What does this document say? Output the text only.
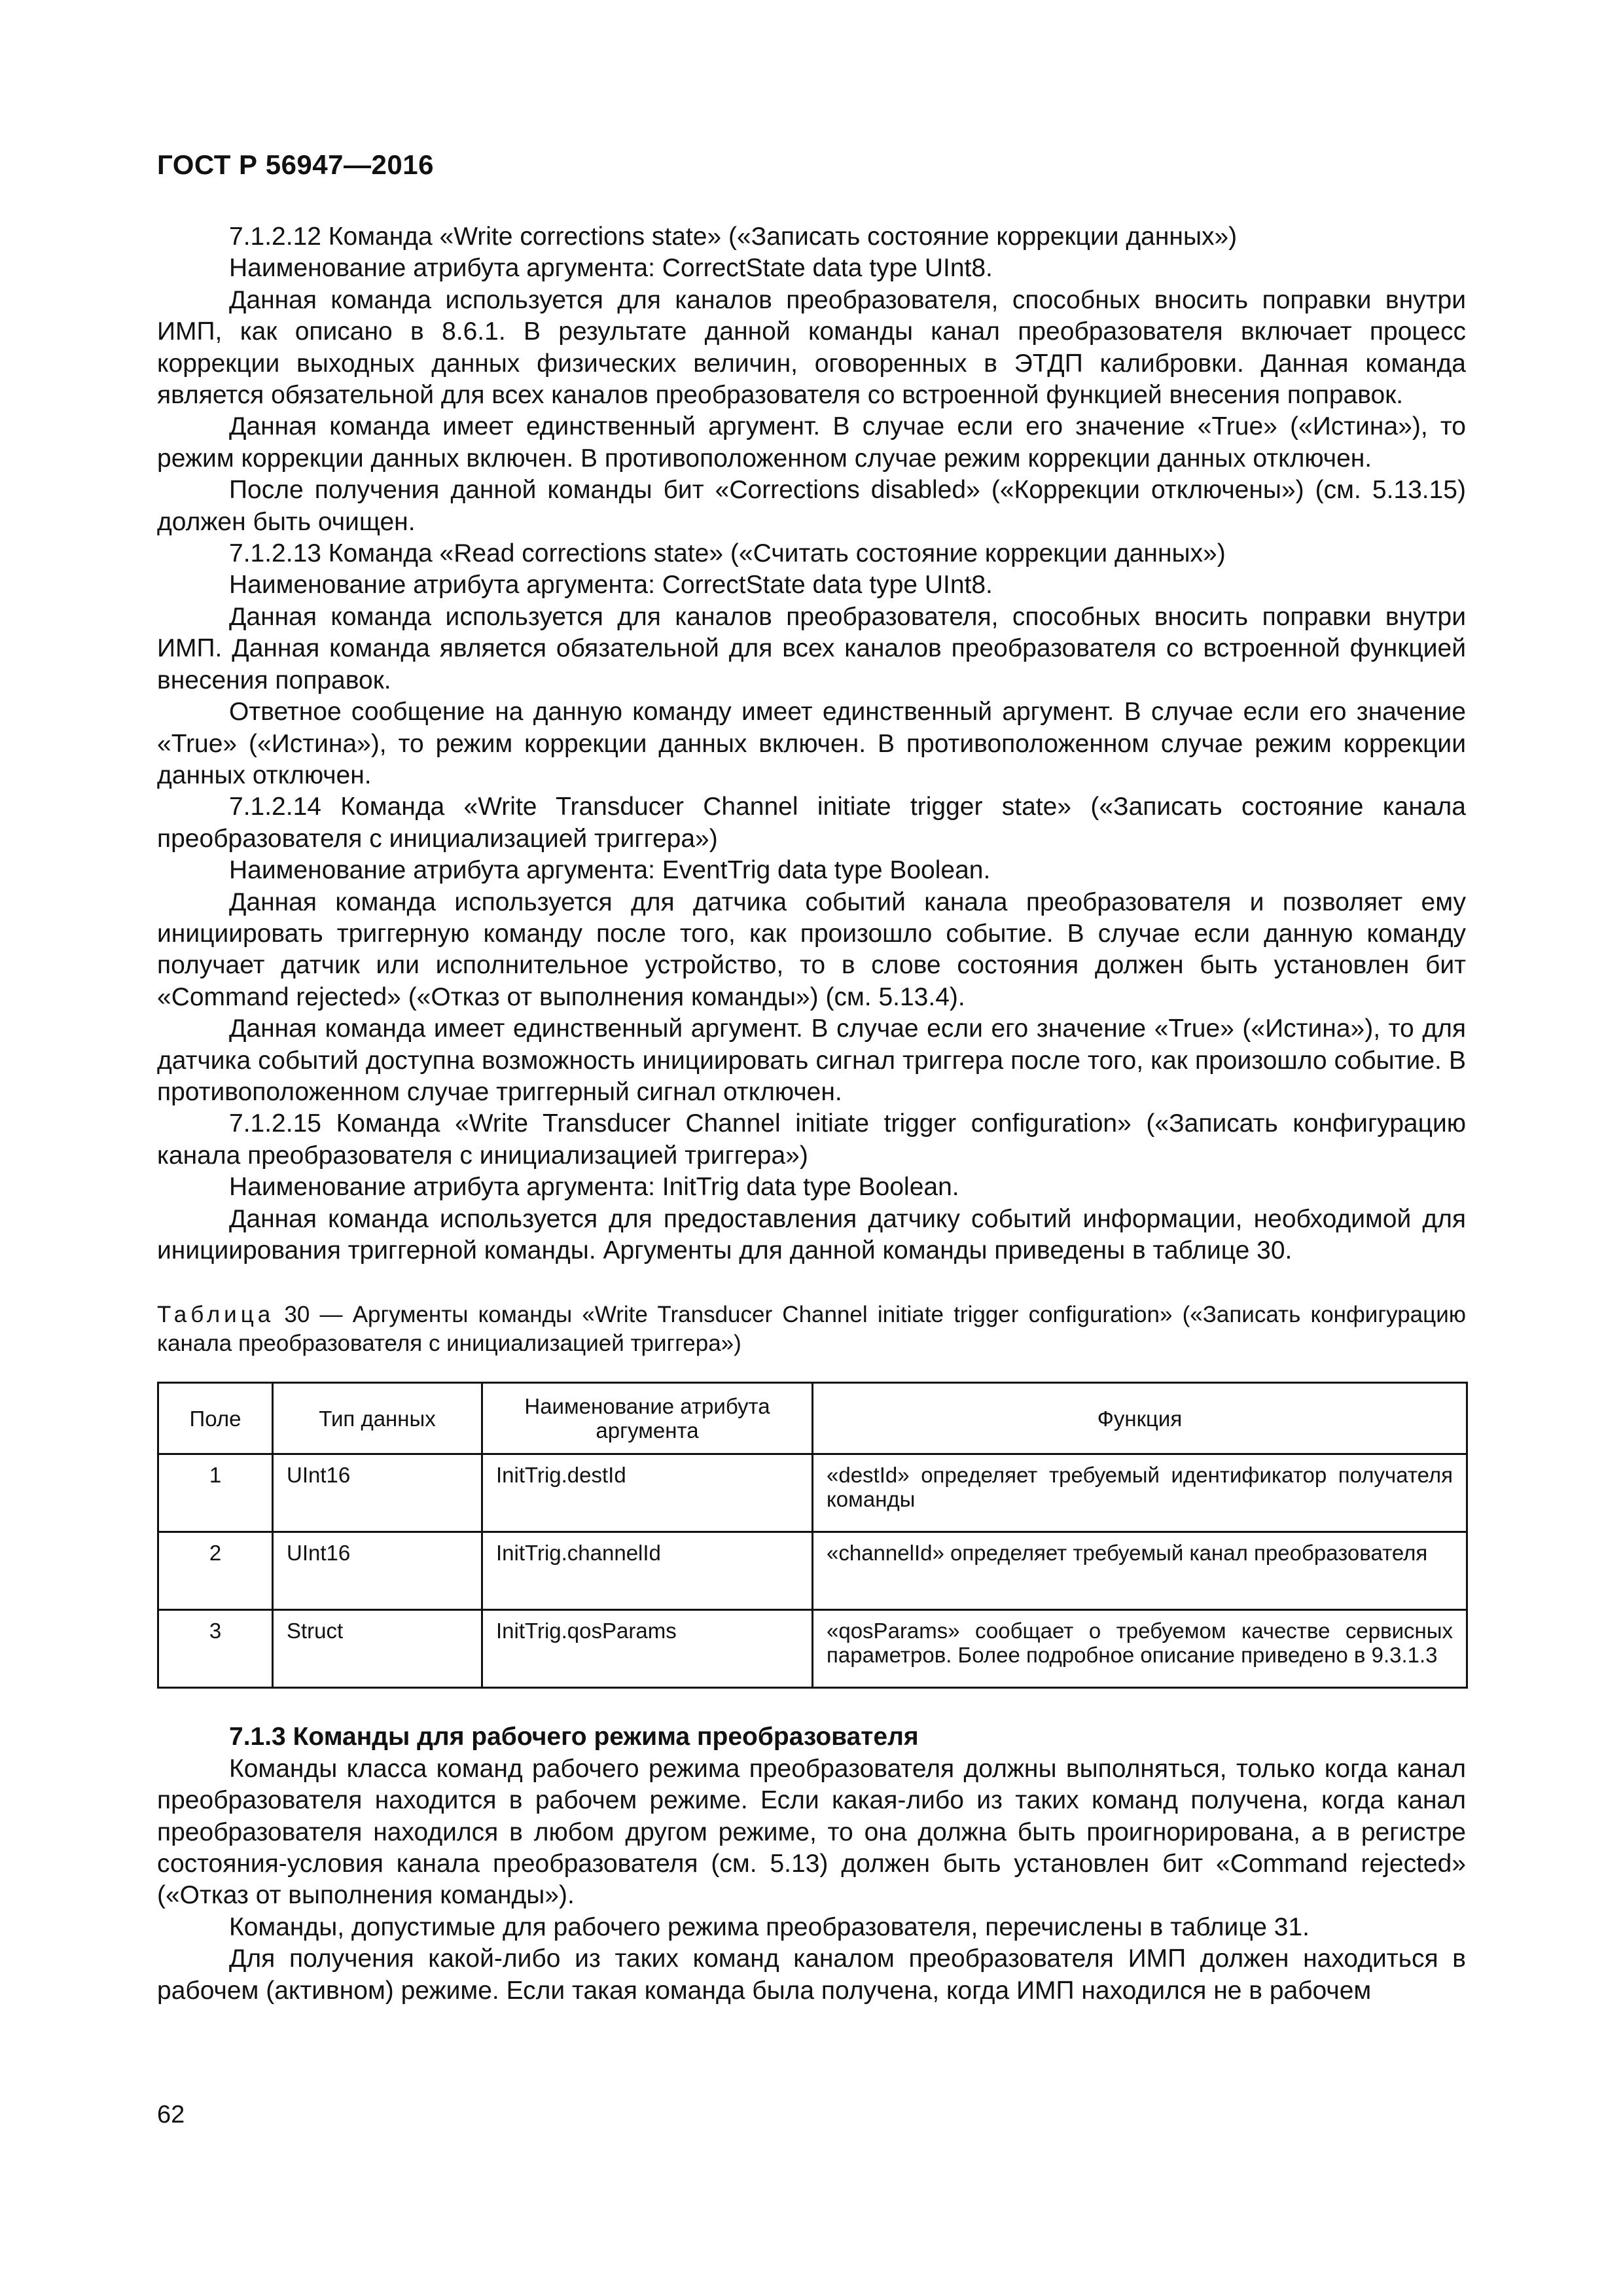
ГОСТ Р 56947—2016

7.1.2.12 Команда «Write corrections state» («Записать состояние коррекции данных»)

Наименование атрибута аргумента: CorrectState data type UInt8.

Данная команда используется для каналов преобразователя, способных вносить поправки внутри ИМП, как описано в 8.6.1. В результате данной команды канал преобразователя включает процесс коррекции выходных данных физических величин, оговоренных в ЭТДП калибровки. Данная команда является обязательной для всех каналов преобразователя со встроенной функцией внесения поправок.

Данная команда имеет единственный аргумент. В случае если его значение «True» («Истина»), то режим коррекции данных включен. В противоположенном случае режим коррекции данных отключен.

После получения данной команды бит «Corrections disabled» («Коррекции отключены») (см. 5.13.15) должен быть очищен.

7.1.2.13 Команда «Read corrections state» («Считать состояние коррекции данных»)

Наименование атрибута аргумента: CorrectState data type UInt8.

Данная команда используется для каналов преобразователя, способных вносить поправки внутри ИМП. Данная команда является обязательной для всех каналов преобразователя со встроенной функцией внесения поправок.

Ответное сообщение на данную команду имеет единственный аргумент. В случае если его значение «True» («Истина»), то режим коррекции данных включен. В противоположенном случае режим коррекции данных отключен.

7.1.2.14 Команда «Write Transducer Channel initiate trigger state» («Записать состояние канала преобразователя с инициализацией триггера»)

Наименование атрибута аргумента: EventTrig data type Boolean.

Данная команда используется для датчика событий канала преобразователя и позволяет ему инициировать триггерную команду после того, как произошло событие. В случае если данную команду получает датчик или исполнительное устройство, то в слове состояния должен быть установлен бит «Command rejected» («Отказ от выполнения команды») (см. 5.13.4).

Данная команда имеет единственный аргумент. В случае если его значение «True» («Истина»), то для датчика событий доступна возможность инициировать сигнал триггера после того, как произошло событие. В противоположенном случае триггерный сигнал отключен.

7.1.2.15 Команда «Write Transducer Channel initiate trigger configuration» («Записать конфигурацию канала преобразователя с инициализацией триггера»)

Наименование атрибута аргумента: InitTrig data type Boolean.

Данная команда используется для предоставления датчику событий информации, необходимой для инициирования триггерной команды. Аргументы для данной команды приведены в таблице 30.

Таблица 30 — Аргументы команды «Write Transducer Channel initiate trigger configuration» («Записать конфигурацию канала преобразователя с инициализацией триггера»)

Поле	Тип данных	Наименование атрибута аргумента	Функция
1	UInt16	InitTrig.destId	«destId» определяет требуемый идентификатор получателя команды
2	UInt16	InitTrig.channelId	«channelId» определяет требуемый канал преобразователя
3	Struct	InitTrig.qosParams	«qosParams» сообщает о требуемом качестве сервисных параметров. Более подробное описание приведено в 9.3.1.3

7.1.3 Команды для рабочего режима преобразователя

Команды класса команд рабочего режима преобразователя должны выполняться, только когда канал преобразователя находится в рабочем режиме. Если какая-либо из таких команд получена, когда канал преобразователя находился в любом другом режиме, то она должна быть проигнорирована, а в регистре состояния-условия канала преобразователя (см. 5.13) должен быть установлен бит «Command rejected» («Отказ от выполнения команды»).

Команды, допустимые для рабочего режима преобразователя, перечислены в таблице 31.

Для получения какой-либо из таких команд каналом преобразователя ИМП должен находиться в рабочем (активном) режиме. Если такая команда была получена, когда ИМП находился не в рабочем

62
